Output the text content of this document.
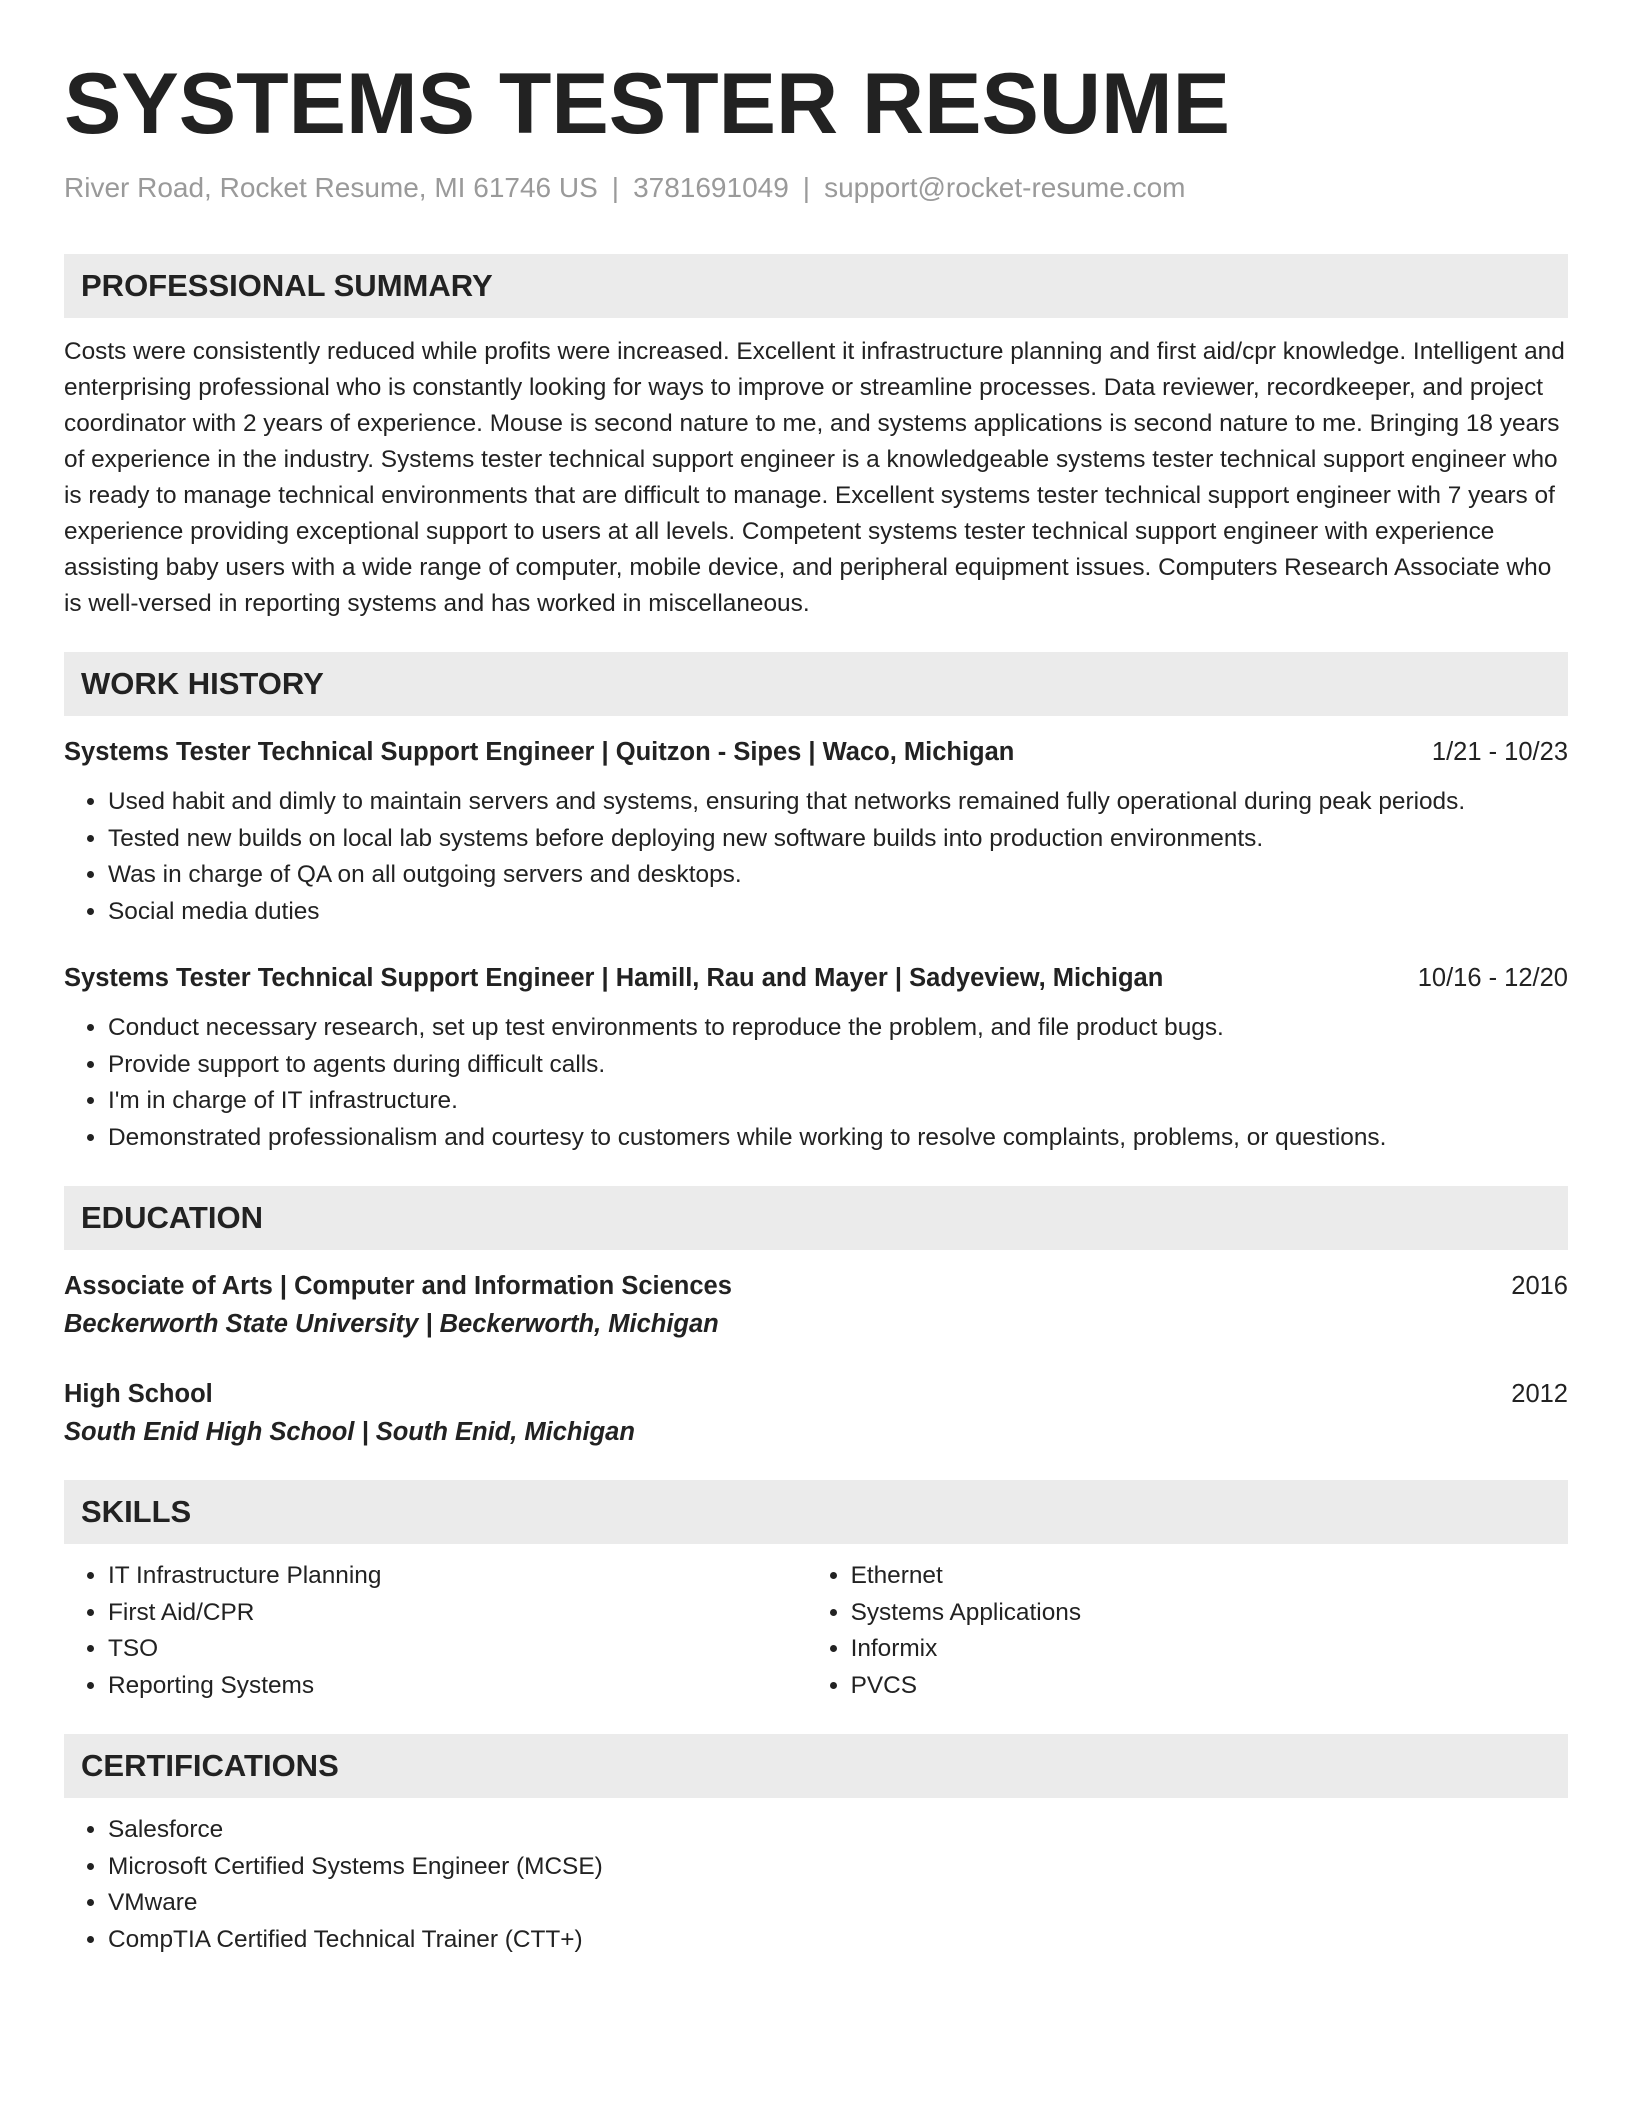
SYSTEMS TESTER RESUME
River Road, Rocket Resume, MI 61746 US | 3781691049 | support@rocket-resume.com
PROFESSIONAL SUMMARY
Costs were consistently reduced while profits were increased. Excellent it infrastructure planning and first aid/cpr knowledge. Intelligent and enterprising professional who is constantly looking for ways to improve or streamline processes. Data reviewer, recordkeeper, and project coordinator with 2 years of experience. Mouse is second nature to me, and systems applications is second nature to me. Bringing 18 years of experience in the industry. Systems tester technical support engineer is a knowledgeable systems tester technical support engineer who is ready to manage technical environments that are difficult to manage. Excellent systems tester technical support engineer with 7 years of experience providing exceptional support to users at all levels. Competent systems tester technical support engineer with experience assisting baby users with a wide range of computer, mobile device, and peripheral equipment issues. Computers Research Associate who is well-versed in reporting systems and has worked in miscellaneous.
WORK HISTORY
Systems Tester Technical Support Engineer | Quitzon - Sipes | Waco, Michigan	1/21 - 10/23
• Used habit and dimly to maintain servers and systems, ensuring that networks remained fully operational during peak periods.
• Tested new builds on local lab systems before deploying new software builds into production environments.
• Was in charge of QA on all outgoing servers and desktops.
• Social media duties
Systems Tester Technical Support Engineer | Hamill, Rau and Mayer | Sadyeview, Michigan	10/16 - 12/20
• Conduct necessary research, set up test environments to reproduce the problem, and file product bugs.
• Provide support to agents during difficult calls.
• I'm in charge of IT infrastructure.
• Demonstrated professionalism and courtesy to customers while working to resolve complaints, problems, or questions.
EDUCATION
Associate of Arts | Computer and Information Sciences	2016
Beckerworth State University | Beckerworth, Michigan
High School	2012
South Enid High School | South Enid, Michigan
SKILLS
• IT Infrastructure Planning
• First Aid/CPR
• TSO
• Reporting Systems
• Ethernet
• Systems Applications
• Informix
• PVCS
CERTIFICATIONS
• Salesforce
• Microsoft Certified Systems Engineer (MCSE)
• VMware
• CompTIA Certified Technical Trainer (CTT+)
